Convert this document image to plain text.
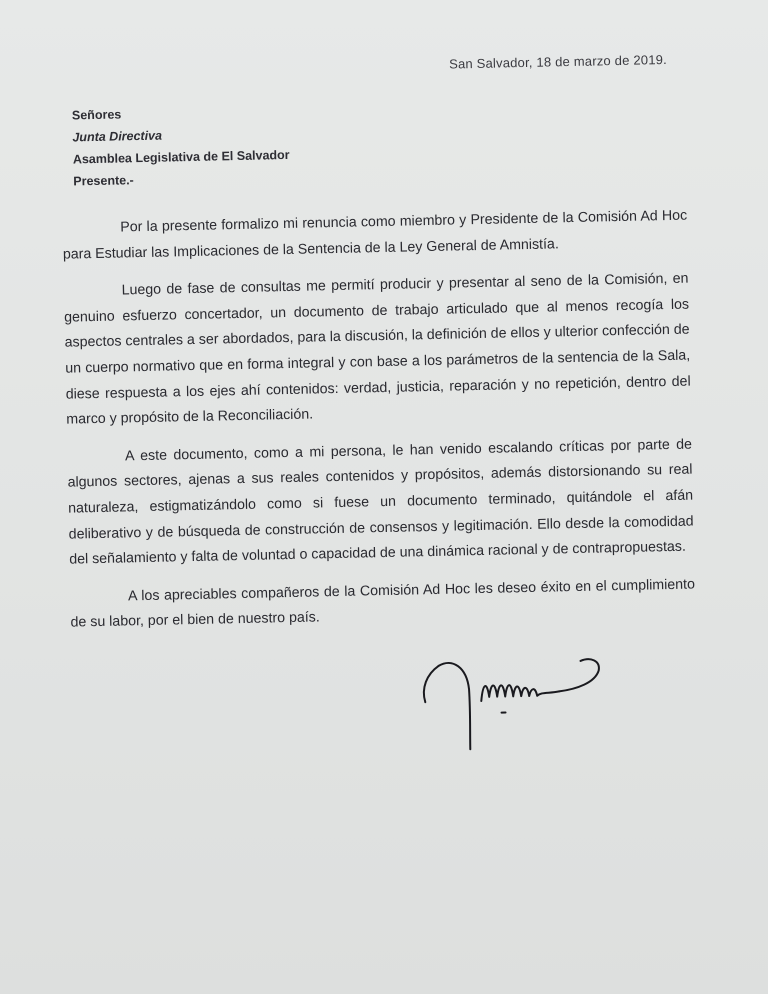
San Salvador, 18 de marzo de 2019.
Señores
Junta Directiva
Asamblea Legislativa de El Salvador
Presente.-

Por la presente formalizo mi renuncia como miembro y Presidente de la Comisión Ad Hoc para Estudiar las Implicaciones de la Sentencia de la Ley General de Amnistía.

Luego de fase de consultas me permití producir y presentar al seno de la Comisión, en genuino esfuerzo concertador, un documento de trabajo articulado que al menos recogía los aspectos centrales a ser abordados, para la discusión, la definición de ellos y ulterior confección de un cuerpo normativo que en forma integral y con base a los parámetros de la sentencia de la Sala, diese respuesta a los ejes ahí contenidos: verdad, justicia, reparación y no repetición, dentro del marco y propósito de la Reconciliación.

A este documento, como a mi persona, le han venido escalando críticas por parte de algunos sectores, ajenas a sus reales contenidos y propósitos, además distorsionando su real naturaleza, estigmatizándolo como si fuese un documento terminado, quitándole el afán deliberativo y de búsqueda de construcción de consensos y legitimación. Ello desde la comodidad del señalamiento y falta de voluntad o capacidad de una dinámica racional y de contrapropuestas.

A los apreciables compañeros de la Comisión Ad Hoc les deseo éxito en el cumplimiento de su labor, por el bien de nuestro país.
